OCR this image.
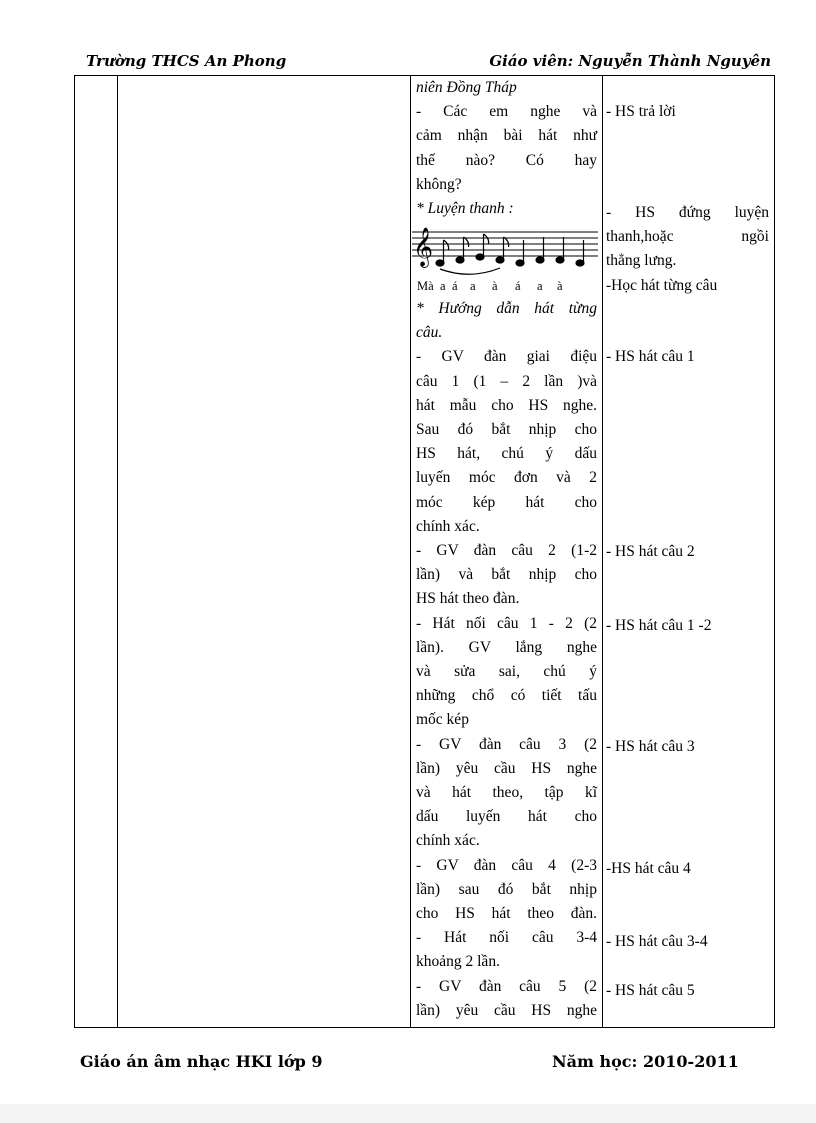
Trường THCS An Phong	Giáo viên: Nguyễn Thành Nguyên
niên Đồng Tháp
- Các em nghe và
cảm nhận bài hát như
thế nào? Có hay
không?
* Luyện thanh :
𝄞
Mà a á a à á a à
* Hướng dẫn hát từng
câu.
- GV đàn giai điệu
câu 1 (1 – 2 lần )và
hát mẫu cho HS nghe.
Sau đó bắt nhịp cho
HS hát, chú ý dấu
luyến móc đơn và 2
móc kép hát cho
chính xác.
- GV đàn câu 2 (1-2
lần) và bắt nhịp cho
HS hát theo đàn.
- Hát nối câu 1 - 2 (2
lần). GV lắng nghe
và sửa sai, chú ý
những chổ có tiết tấu
mốc kép
- GV đàn câu 3 (2
lần) yêu cầu HS nghe
và hát theo, tập kĩ
dấu luyến hát cho
chính xác.
- GV đàn câu 4 (2-3
lần) sau đó bắt nhịp
cho HS hát theo đàn.
- Hát nối câu 3-4
khoảng 2 lần.
- GV đàn câu 5 (2
lần) yêu cầu HS nghe
- HS trả lời
- HS đứng luyện
thanh,hoặc ngồi
thẳng lưng.
-Học hát từng câu
- HS hát câu 1
- HS hát câu 2
- HS hát câu 1 -2
- HS hát câu 3
-HS hát câu 4
- HS hát câu 3-4
- HS hát câu 5
Giáo án âm nhạc HKI lớp 9	Năm học: 2010-2011
